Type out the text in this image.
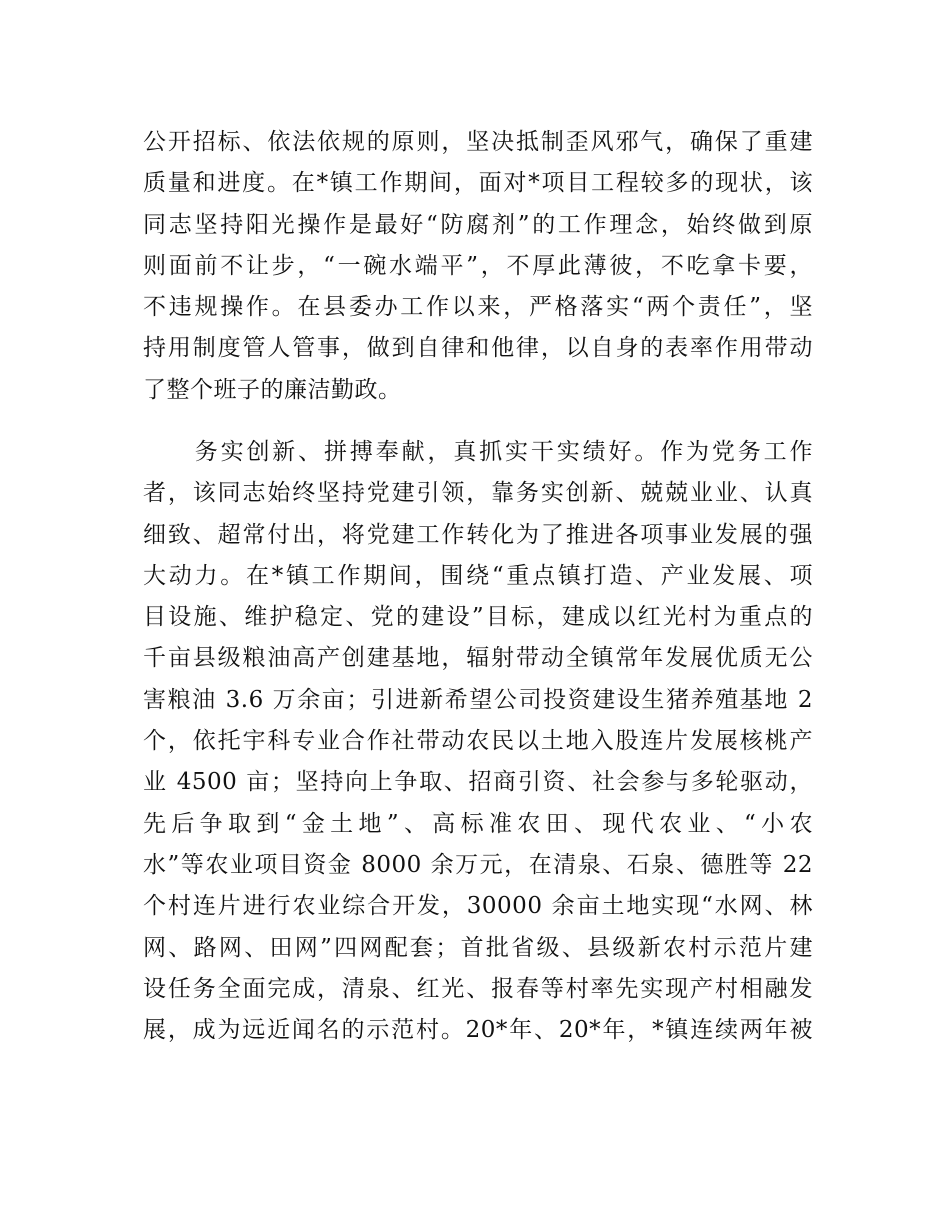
公开招标、依法依规的原则，坚决抵制歪风邪气，确保了重建
质量和进度。在*镇工作期间，面对*项目工程较多的现状，该
同志坚持阳光操作是最好“防腐剂”的工作理念，始终做到原
则面前不让步，“一碗水端平”，不厚此薄彼，不吃拿卡要，
不违规操作。在县委办工作以来，严格落实“两个责任”，坚
持用制度管人管事，做到自律和他律，以自身的表率作用带动
了整个班子的廉洁勤政。
　　务实创新、拼搏奉献，真抓实干实绩好。作为党务工作
者，该同志始终坚持党建引领，靠务实创新、兢兢业业、认真
细致、超常付出，将党建工作转化为了推进各项事业发展的强
大动力。在*镇工作期间，围绕“重点镇打造、产业发展、项
目设施、维护稳定、党的建设”目标，建成以红光村为重点的
千亩县级粮油高产创建基地，辐射带动全镇常年发展优质无公
害粮油 3.6 万余亩；引进新希望公司投资建设生猪养殖基地 2
个，依托宇科专业合作社带动农民以土地入股连片发展核桃产
业 4500 亩；坚持向上争取、招商引资、社会参与多轮驱动，
先后争取到“金土地”、高标准农田、现代农业、“小农
水”等农业项目资金 8000 余万元，在清泉、石泉、德胜等 22
个村连片进行农业综合开发，30000 余亩土地实现“水网、林
网、路网、田网”四网配套；首批省级、县级新农村示范片建
设任务全面完成，清泉、红光、报春等村率先实现产村相融发
展，成为远近闻名的示范村。20*年、20*年，*镇连续两年被
